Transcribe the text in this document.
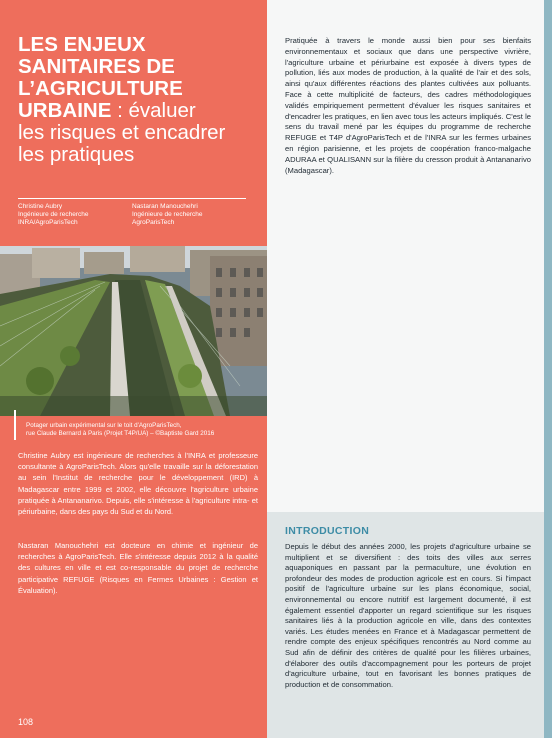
LES ENJEUX
SANITAIRES DE
L’AGRICULTURE
URBAINE : évaluer
les risques et encadrer
les pratiques
Christine Aubry
Ingénieure de recherche
INRA/AgroParisTech
Nastaran Manouchehri
Ingénieure de recherche
AgroParisTech
Potager urbain expérimental sur le toit d'AgroParisTech,
rue Claude Bernard à Paris (Projet T4P/UA) – ©Baptiste Gard 2016

Christine Aubry est ingénieure de recherches à l'INRA et professeure consultante à AgroParisTech. Alors qu'elle travaille sur la déforestation au sein l'Institut de recherche pour le développement (IRD) à Madagascar entre 1999 et 2002, elle découvre l'agriculture urbaine pratiquée à Antananarivo. Depuis, elle s'intéresse à l'agriculture intra- et périurbaine, dans des pays du Sud et du Nord.

Nastaran Manouchehri est docteure en chimie et ingénieur de recherches à AgroParisTech. Elle s'intéresse depuis 2012 à la qualité des cultures en ville et est co-responsable du projet de recherche participative REFUGE (Risques en Fermes Urbaines : Gestion et Évaluation).

108

Pratiquée à travers le monde aussi bien pour ses bienfaits environnementaux et sociaux que dans une perspective vivrière, l'agriculture urbaine et périurbaine est exposée à divers types de pollution, liés aux modes de production, à la qualité de l'air et des sols, ainsi qu'aux différentes réactions des plantes cultivées aux polluants. Face à cette multiplicité de facteurs, des cadres méthodologiques validés empiriquement permettent d'évaluer les risques sanitaires et d'encadrer les pratiques, en lien avec tous les acteurs impliqués. C'est le sens du travail mené par les équipes du programme de recherche REFUGE et T4P d'AgroParisTech et de l'INRA sur les fermes urbaines en région parisienne, et les projets de coopération franco-malgache ADURAA et QUALISANN sur la filière du cresson produit à Antananarivo (Madagascar).

INTRODUCTION

Depuis le début des années 2000, les projets d'agriculture urbaine se multiplient et se diversifient : des toits des villes aux serres aquaponiques en passant par la permaculture, une évolution en profondeur des modes de production agricole est en cours. Si l'impact positif de l'agriculture urbaine sur les plans économique, social, environnemental ou encore nutritif est largement documenté, il est également essentiel d'apporter un regard scientifique sur les risques sanitaires liés à la production agricole en ville, dans des contextes variés. Les études menées en France et à Madagascar permettent de rendre compte des enjeux spécifiques rencontrés au Nord comme au Sud afin de définir des critères de qualité pour les filières urbaines, d'élaborer des outils d'accompagnement pour les porteurs de projet d'agriculture urbaine, tout en favorisant les bonnes pratiques de production et de consommation.
